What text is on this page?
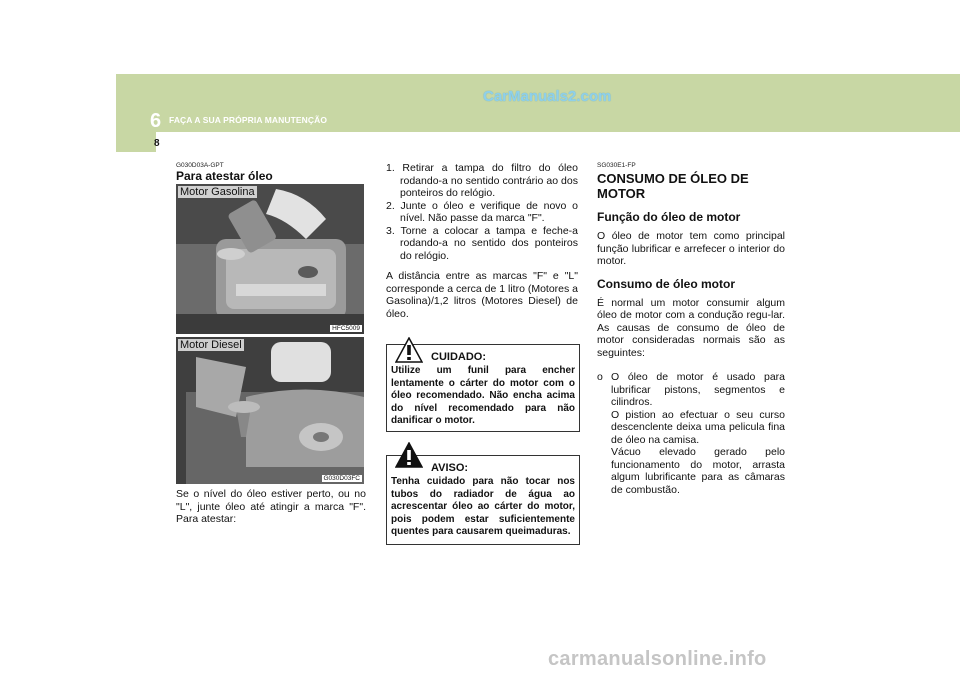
6 FAÇA A SUA PRÓPRIA MANUTENÇÃO
CarManuals2.com
8
G030D03A-GPT
Para atestar óleo
Motor Gasolina
HFC5009
Motor Diesel
G030D03FC
Se o nível do óleo estiver perto, ou no "L", junte óleo até atingir a marca "F". Para atestar:
1. Retirar a tampa do filtro do óleo rodando-a no sentido contrário ao dos ponteiros do relógio.
2. Junte o óleo e verifique de novo o nível. Não passe da marca "F".
3. Torne a colocar a tampa e feche-a rodando-a no sentido dos ponteiros do relógio.
A distância entre as marcas "F" e "L" corresponde a cerca de 1 litro (Motores a Gasolina)/1,2 litros (Motores Diesel) de óleo.
CUIDADO:
Utilize um funil para encher lentamente o cárter do motor com o óleo recomendado. Não encha acima do nível recomendado para não danificar o motor.
AVISO:
Tenha cuidado para não tocar nos tubos do radiador de água ao acrescentar óleo ao cárter do motor, pois podem estar suficientemente quentes para causarem queimaduras.
SG030E1-FP
CONSUMO DE ÓLEO DE MOTOR
Função do óleo de motor
O óleo de motor tem como principal função lubrificar e arrefecer o interior do motor.
Consumo de óleo motor
É normal um motor consumir algum óleo de motor com a condução regu-lar. As causas de consumo de óleo de motor consideradas normais são as seguintes:
o O óleo de motor é usado para lubrificar pistons, segmentos e cilindros.
O pistion ao efectuar o seu curso descenclente deixa uma pelicula fina de óleo na camisa.
Vácuo elevado gerado pelo funcionamento do motor, arrasta algum lubrificante para as câmaras de combustão.
carmanualsonline.info
